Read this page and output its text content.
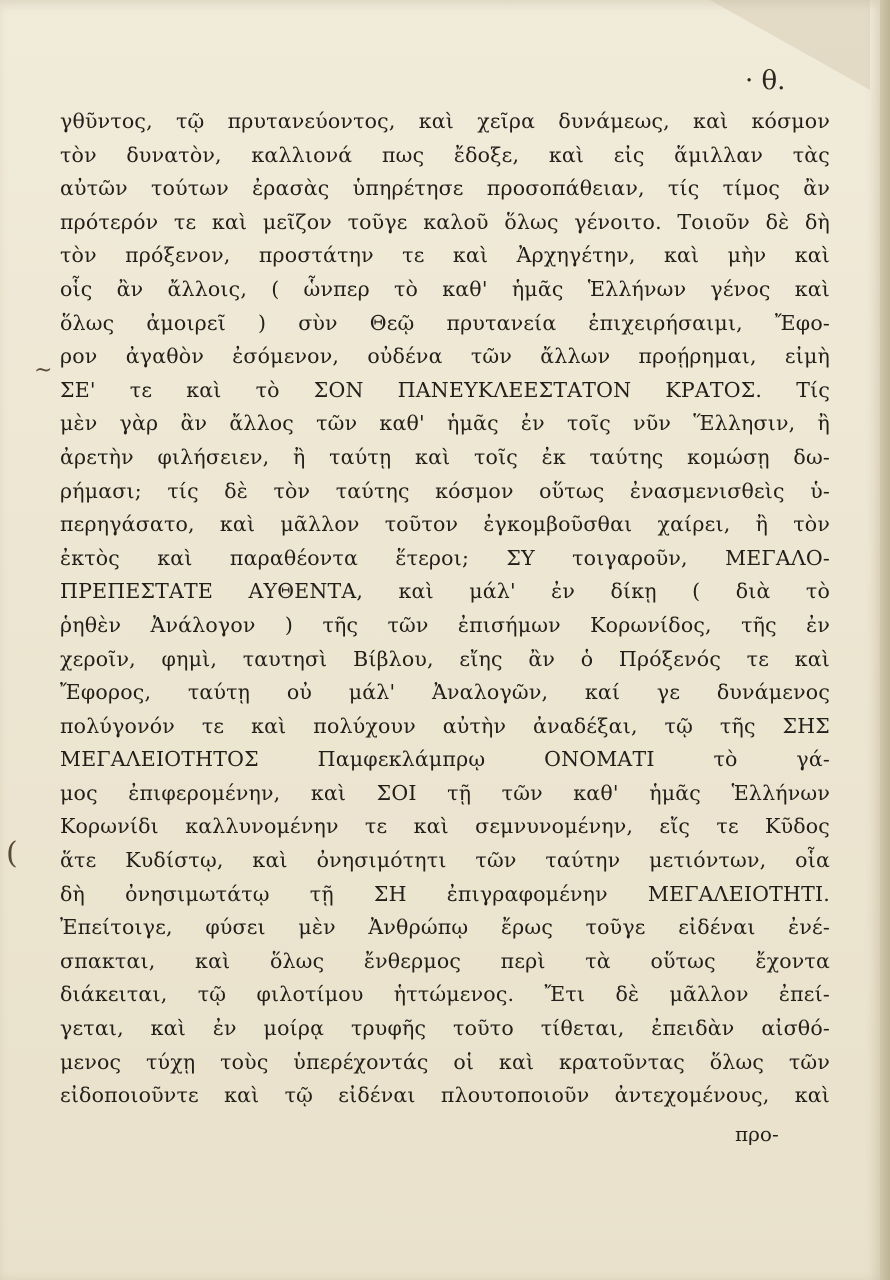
· θ.
~
(
γθῦντος, τῷ πρυτανεύοντος, καὶ χεῖρα δυνάμεως, καὶ κόσμον
τὸν δυνατὸν, καλλιονά πως ἔδοξε, καὶ εἰς ἅμιλλαν τὰς
αὐτῶν τούτων ἐρασὰς ὑπηρέτησε προσοπάθειαν, τίς τίμος ἂν
πρότερόν τε καὶ μεῖζον τοῦγε καλοῦ ὅλως γένοιτο. Τοιοῦν δὲ δὴ
τὸν πρόξενον, προστάτην τε καὶ Ἀρχηγέτην, καὶ μὴν καὶ
οἷς ἂν ἄλλοις, ( ὧνπερ τὸ καθ' ἡμᾶς Ἑλλήνων γένος καὶ
ὅλως ἀμοιρεῖ ) σὺν Θεῷ πρυτανεία ἐπιχειρήσαιμι, Ἔφο-
ρον ἀγαθὸν ἐσόμενον, οὐδένα τῶν ἄλλων προῄρημαι, εἰμὴ
ΣΕ' τε καὶ τὸ ΣΟΝ ΠΑΝΕΥΚΛΕΕΣΤΑΤΟΝ ΚΡΑΤΟΣ. Τίς
μὲν γὰρ ἂν ἄλλος τῶν καθ' ἡμᾶς ἐν τοῖς νῦν Ἕλλησιν, ἢ
ἀρετὴν φιλήσειεν, ἢ ταύτῃ καὶ τοῖς ἐκ ταύτης κομώσῃ δω-
ρήμασι; τίς δὲ τὸν ταύτης κόσμον οὕτως ἐνασμενισθεὶς ὑ-
περηγάσατο, καὶ μᾶλλον τοῦτον ἐγκομβοῦσθαι χαίρει, ἢ τὸν
ἐκτὸς καὶ παραθέοντα ἕτεροι; ΣΥ τοιγαροῦν, ΜΕΓΑΛΟ-
ΠΡΕΠΕΣΤΑΤΕ ΑΥΘΕΝΤΑ, καὶ μάλ' ἐν δίκῃ ( διὰ τὸ
ῥηθὲν Ἀνάλογον ) τῆς τῶν ἐπισήμων Κορωνίδος, τῆς ἐν
χεροῖν, φημὶ, ταυτησὶ Βίβλου, εἴης ἂν ὁ Πρόξενός τε καὶ
Ἔφορος, ταύτῃ οὐ μάλ' Ἀναλογῶν, καί γε δυνάμενος
πολύγονόν τε καὶ πολύχουν αὐτὴν ἀναδέξαι, τῷ τῆς ΣΗΣ
ΜΕΓΑΛΕΙΟΤΗΤΟΣ Παμφεκλάμπρῳ ΟΝΟΜΑΤΙ τὸ γά-
μος ἐπιφερομένην, καὶ ΣΟΙ τῇ τῶν καθ' ἡμᾶς Ἑλλήνων
Κορωνίδι καλλυνομένην τε καὶ σεμνυνομένην, εἴς τε Κῦδος
ἅτε Κυδίστῳ, καὶ ὀνησιμότητι τῶν ταύτην μετιόντων, οἷα
δὴ ὀνησιμωτάτῳ τῇ ΣΗ ἐπιγραφομένην ΜΕΓΑΛΕΙΟΤΗΤΙ.
Ἐπείτοιγε, φύσει μὲν Ἀνθρώπῳ ἔρως τοῦγε εἰδέναι ἐνέ-
σπακται, καὶ ὅλως ἔνθερμος περὶ τὰ οὕτως ἔχοντα
διάκειται, τῷ φιλοτίμου ἡττώμενος. Ἔτι δὲ μᾶλλον ἐπεί-
γεται, καὶ ἐν μοίρᾳ τρυφῆς τοῦτο τίθεται, ἐπειδὰν αἰσθό-
μενος τύχῃ τοὺς ὑπερέχοντάς οἱ καὶ κρατοῦντας ὅλως τῶν
εἰδοποιοῦντε καὶ τῷ εἰδέναι πλουτοποιοῦν ἀντεχομένους, καὶ
προ-
